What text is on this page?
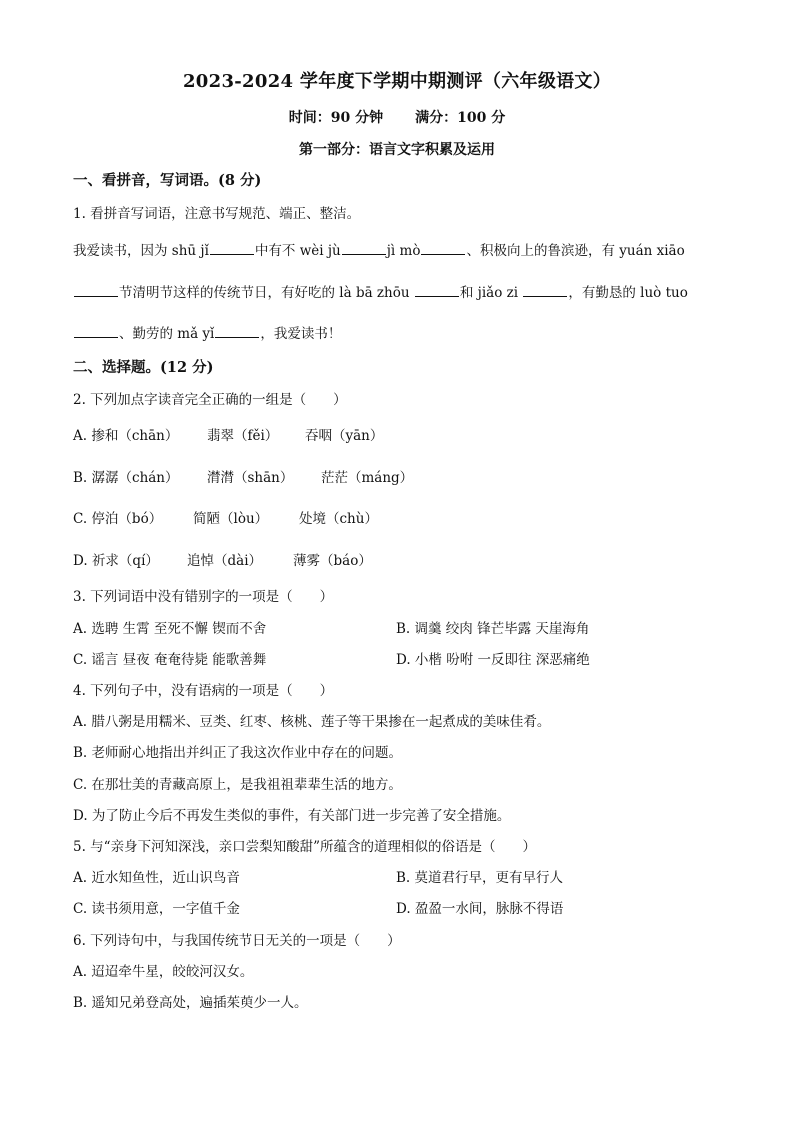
2023-2024 学年度下学期中期测评（六年级语文）
时间：90 分钟 满分：100 分
第一部分：语言文字积累及运用
一、看拼音，写词语。(8 分)
1. 看拼音写词语，注意书写规范、端正、整洁。
我爱读书，因为 shū jǐ	中有不 wèi jù	jì mò	、积极向上的鲁滨逊，有 yuán xiāo
节清明节这样的传统节日，有好吃的 là bā zhōu	和 jiǎo zi	，有勤恳的 luò tuo
、勤劳的 mǎ yǐ	，我爱读书！
二、选择题。(12 分)
2. 下列加点字读音完全正确的一组是（　　）
A. 掺和（chān） 翡翠（fěi） 吞咽（yān）
B. 潺潺（chán） 潸潸（shān） 茫茫（máng）
C. 停泊（bó） 简陋（lòu） 处境（chù）
D. 祈求（qí） 追悼（dài） 薄雾（báo）
3. 下列词语中没有错别字的一项是（　　）
A. 选聘 生霄 至死不懈 锲而不舍	B. 调羹 绞肉 锋芒毕露 天崖海角
C. 谣言 昼夜 奄奄待毙 能歌善舞	D. 小楷 吩咐 一反即往 深恶痛绝
4. 下列句子中，没有语病的一项是（　　）
A. 腊八粥是用糯米、豆类、红枣、核桃、莲子等干果掺在一起煮成的美味佳肴。
B. 老师耐心地指出并纠正了我这次作业中存在的问题。
C. 在那壮美的青藏高原上，是我祖祖辈辈生活的地方。
D. 为了防止今后不再发生类似的事件，有关部门进一步完善了安全措施。
5. 与“亲身下河知深浅，亲口尝梨知酸甜”所蕴含的道理相似的俗语是（　　）
A. 近水知鱼性，近山识鸟音	B. 莫道君行早，更有早行人
C. 读书须用意，一字值千金	D. 盈盈一水间，脉脉不得语
6. 下列诗句中，与我国传统节日无关的一项是（　　）
A. 迢迢牵牛星，皎皎河汉女。
B. 遥知兄弟登高处，遍插茱萸少一人。
